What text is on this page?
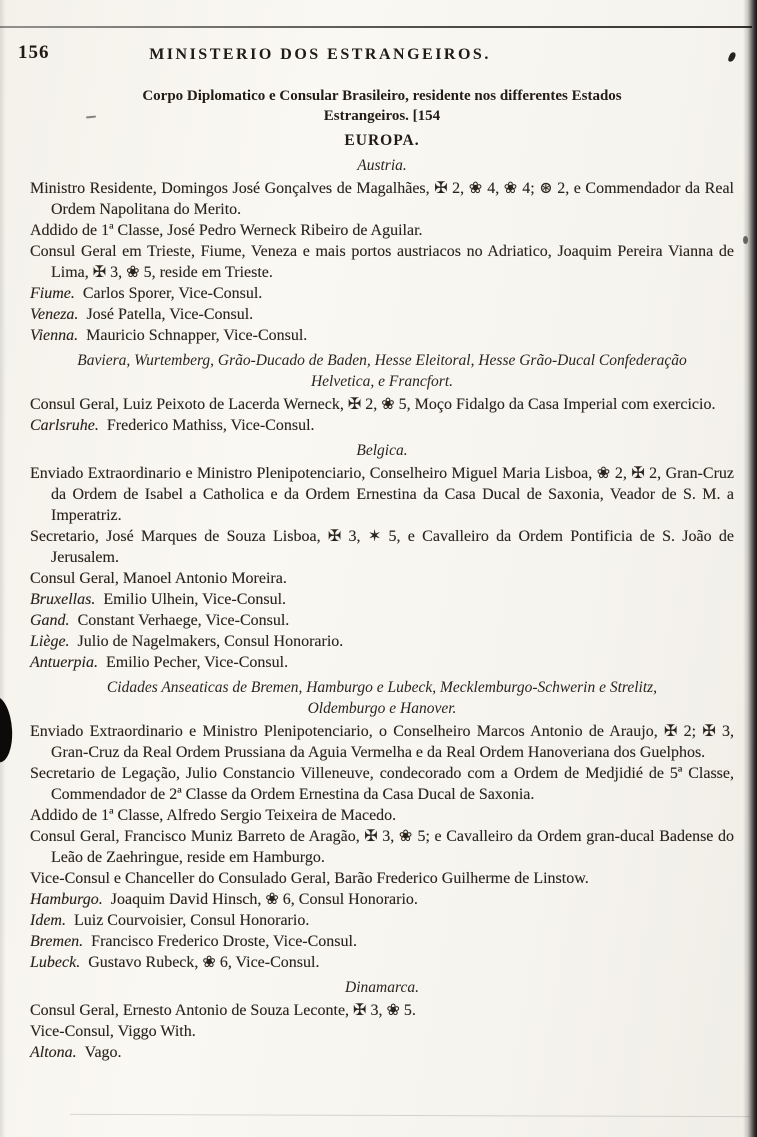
156	MINISTERIO DOS ESTRANGEIROS.
Corpo Diplomatico e Consular Brasileiro, residente nos differentes Estados
Estrangeiros. [154
EUROPA.
Austria.

Ministro Residente, Domingos José Gonçalves de Magalhães, ✠ 2, ❀ 4, ❀ 4; ⊛ 2, e Commendador da Real Ordem Napolitana do Merito.

Addido de 1ª Classe, José Pedro Werneck Ribeiro de Aguilar.

Consul Geral em Trieste, Fiume, Veneza e mais portos austriacos no Adriatico, Joaquim Pereira Vianna de Lima, ✠ 3, ❀ 5, reside em Trieste.

Fiume. Carlos Sporer, Vice-Consul.

Veneza. José Patella, Vice-Consul.

Vienna. Mauricio Schnapper, Vice-Consul.

Baviera, Wurtemberg, Grão-Ducado de Baden, Hesse Eleitoral, Hesse Grão-Ducal Confederação Helvetica, e Francfort.

Consul Geral, Luiz Peixoto de Lacerda Werneck, ✠ 2, ❀ 5, Moço Fidalgo da Casa Imperial com exercicio.

Carlsruhe. Frederico Mathiss, Vice-Consul.

Belgica.

Enviado Extraordinario e Ministro Plenipotenciario, Conselheiro Miguel Maria Lisboa, ❀ 2, ✠ 2, Gran-Cruz da Ordem de Isabel a Catholica e da Ordem Ernestina da Casa Ducal de Saxonia, Veador de S. M. a Imperatriz.

Secretario, José Marques de Souza Lisboa, ✠ 3, ✶ 5, e Cavalleiro da Ordem Pontificia de S. João de Jerusalem.

Consul Geral, Manoel Antonio Moreira.

Bruxellas. Emilio Ulhein, Vice-Consul.

Gand. Constant Verhaege, Vice-Consul.

Liège. Julio de Nagelmakers, Consul Honorario.

Antuerpia. Emilio Pecher, Vice-Consul.

Cidades Anseaticas de Bremen, Hamburgo e Lubeck, Mecklemburgo-Schwerin e Strelitz, Oldemburgo e Hanover.

Enviado Extraordinario e Ministro Plenipotenciario, o Conselheiro Marcos Antonio de Araujo, ✠ 2; ✠ 3, Gran-Cruz da Real Ordem Prussiana da Aguia Vermelha e da Real Ordem Hanoveriana dos Guelphos.

Secretario de Legação, Julio Constancio Villeneuve, condecorado com a Ordem de Medjidié de 5ª Classe, Commendador de 2ª Classe da Ordem Ernestina da Casa Ducal de Saxonia.

Addido de 1ª Classe, Alfredo Sergio Teixeira de Macedo.

Consul Geral, Francisco Muniz Barreto de Aragão, ✠ 3, ❀ 5; e Cavalleiro da Ordem gran-ducal Badense do Leão de Zaehringue, reside em Hamburgo.

Vice-Consul e Chanceller do Consulado Geral, Barão Frederico Guilherme de Linstow.

Hamburgo. Joaquim David Hinsch, ❀ 6, Consul Honorario.

Idem. Luiz Courvoisier, Consul Honorario.

Bremen. Francisco Frederico Droste, Vice-Consul.

Lubeck. Gustavo Rubeck, ❀ 6, Vice-Consul.

Dinamarca.

Consul Geral, Ernesto Antonio de Souza Leconte, ✠ 3, ❀ 5.

Vice-Consul, Viggo With.

Altona. Vago.
